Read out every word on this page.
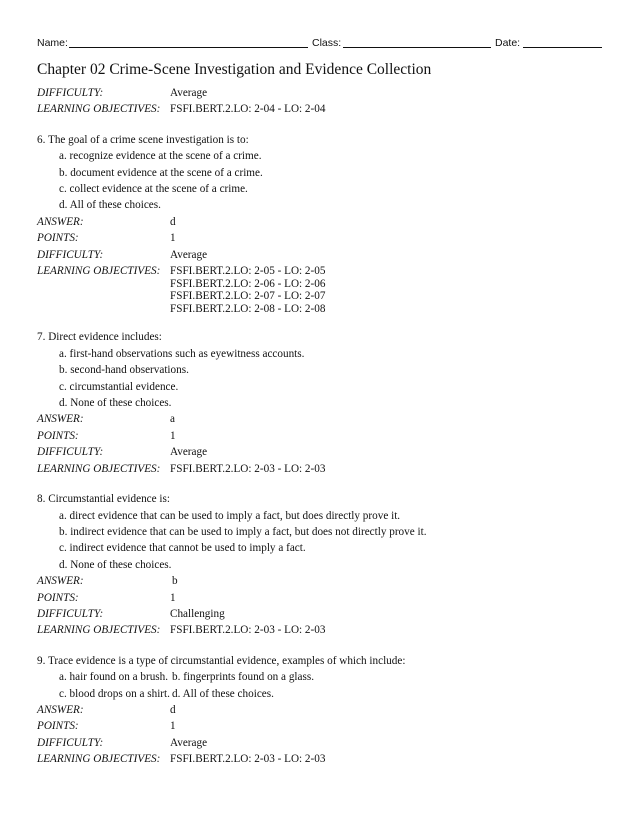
Name:	Class:	Date:
Chapter 02 Crime-Scene Investigation and Evidence Collection
DIFFICULTY:	Average
LEARNING OBJECTIVES: FSFI.BERT.2.LO: 2-04 - LO: 2-04
6. The goal of a crime scene investigation is to:
a. recognize evidence at the scene of a crime.
b. document evidence at the scene of a crime.
c. collect evidence at the scene of a crime.
d. All of these choices.
ANSWER:	d
POINTS:	1
DIFFICULTY:	Average
LEARNING OBJECTIVES: FSFI.BERT.2.LO: 2-05 - LO: 2-05
FSFI.BERT.2.LO: 2-06 - LO: 2-06
FSFI.BERT.2.LO: 2-07 - LO: 2-07
FSFI.BERT.2.LO: 2-08 - LO: 2-08
7. Direct evidence includes:
a. first-hand observations such as eyewitness accounts.
b. second-hand observations.
c. circumstantial evidence.
d. None of these choices.
ANSWER:	a
POINTS:	1
DIFFICULTY:	Average
LEARNING OBJECTIVES: FSFI.BERT.2.LO: 2-03 - LO: 2-03
8. Circumstantial evidence is:
a. direct evidence that can be used to imply a fact, but does directly prove it.
b. indirect evidence that can be used to imply a fact, but does not directly prove it.
c. indirect evidence that cannot be used to imply a fact.
d. None of these choices.
ANSWER:	b
POINTS:	1
DIFFICULTY:	Challenging
LEARNING OBJECTIVES: FSFI.BERT.2.LO: 2-03 - LO: 2-03
9. Trace evidence is a type of circumstantial evidence, examples of which include:
a. hair found on a brush. b. fingerprints found on a glass.
c. blood drops on a shirt. d. All of these choices.
ANSWER:	d
POINTS:	1
DIFFICULTY:	Average
LEARNING OBJECTIVES: FSFI.BERT.2.LO: 2-03 - LO: 2-03
